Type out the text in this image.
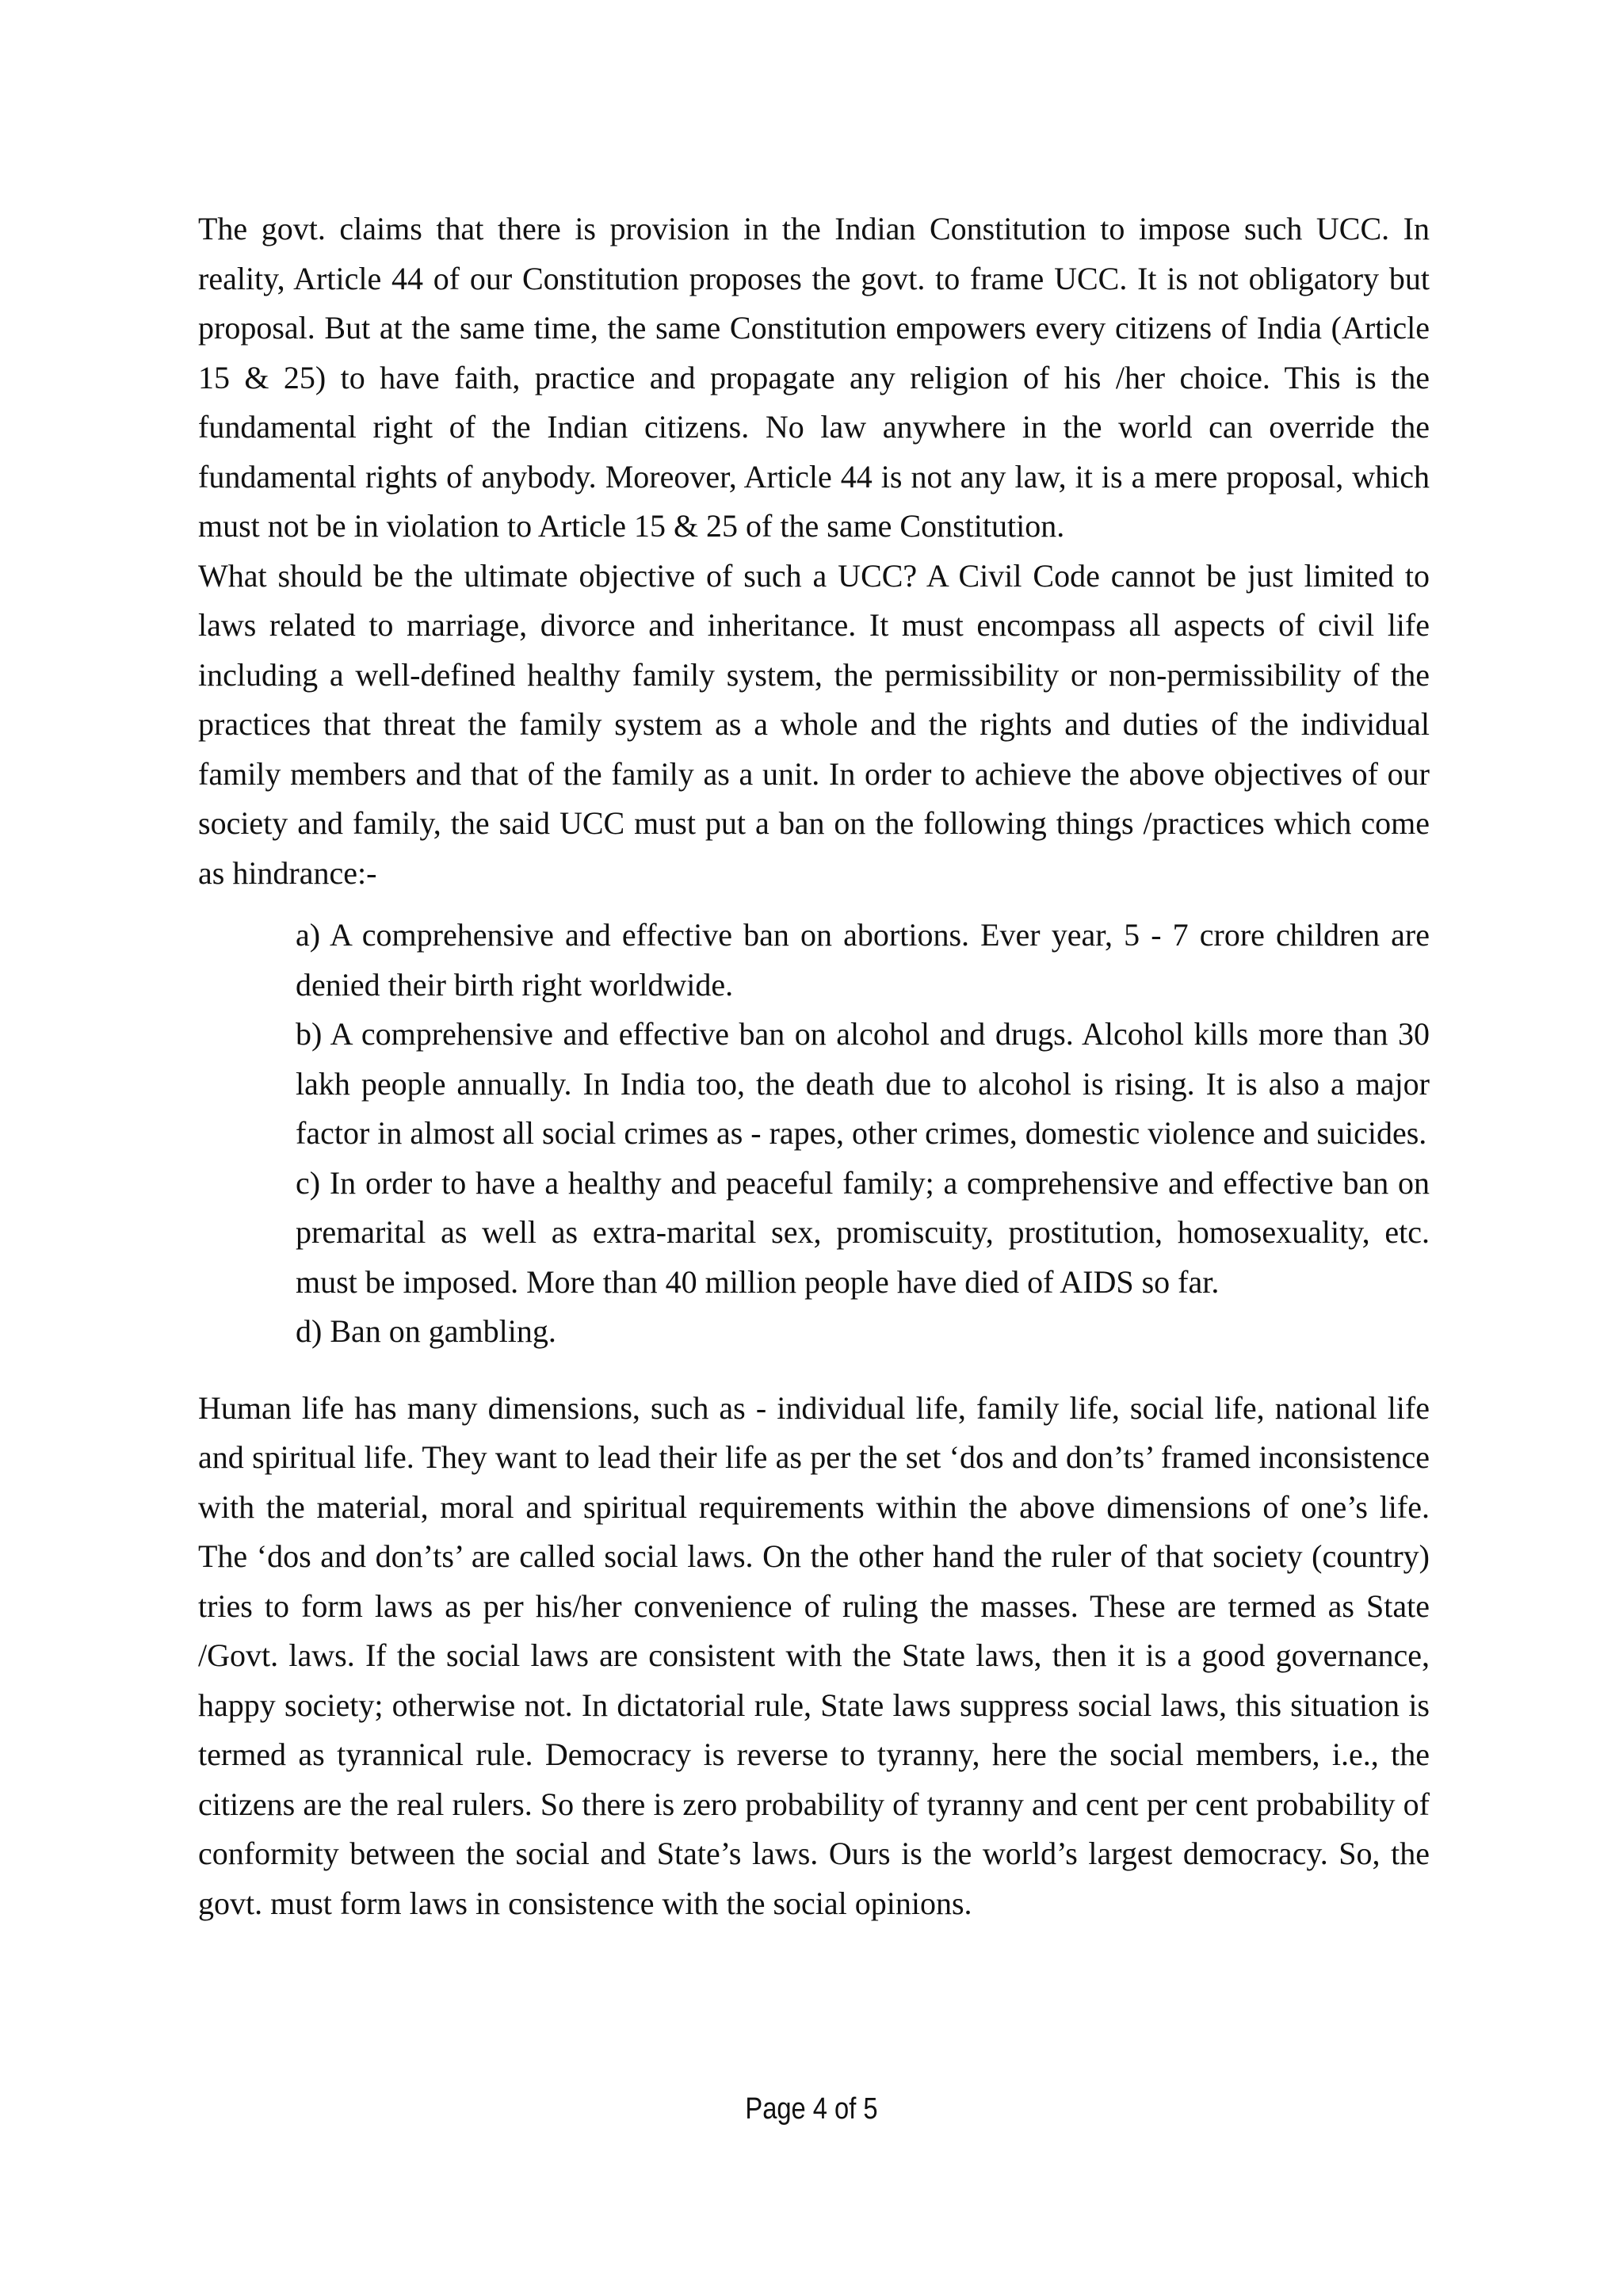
The govt. claims that there is provision in the Indian Constitution to impose such UCC. In reality, Article 44 of our Constitution proposes the govt. to frame UCC. It is not obligatory but proposal. But at the same time, the same Constitution empowers every citizens of India (Article 15 & 25) to have faith, practice and propagate any religion of his /her choice. This is the fundamental right of the Indian citizens. No law anywhere in the world can override the fundamental rights of anybody. Moreover, Article 44 is not any law, it is a mere proposal, which must not be in violation to Article 15 & 25 of the same Constitution.

What should be the ultimate objective of such a UCC? A Civil Code cannot be just limited to laws related to marriage, divorce and inheritance. It must encompass all aspects of civil life including a well-defined healthy family system, the permissibility or non-permissibility of the practices that threat the family system as a whole and the rights and duties of the individual family members and that of the family as a unit. In order to achieve the above objectives of our society and family, the said UCC must put a ban on the following things /practices which come as hindrance:-

a) A comprehensive and effective ban on abortions. Ever year, 5 - 7 crore children are denied their birth right worldwide.

b) A comprehensive and effective ban on alcohol and drugs. Alcohol kills more than 30 lakh people annually. In India too, the death due to alcohol is rising. It is also a major factor in almost all social crimes as - rapes, other crimes, domestic violence and suicides.

c) In order to have a healthy and peaceful family; a comprehensive and effective ban on premarital as well as extra-marital sex, promiscuity, prostitution, homosexuality, etc. must be imposed. More than 40 million people have died of AIDS so far.

d) Ban on gambling.

Human life has many dimensions, such as - individual life, family life, social life, national life and spiritual life. They want to lead their life as per the set ‘dos and don’ts’ framed inconsistence with the material, moral and spiritual requirements within the above dimensions of one’s life. The ‘dos and don’ts’ are called social laws. On the other hand the ruler of that society (country) tries to form laws as per his/her convenience of ruling the masses. These are termed as State /Govt. laws. If the social laws are consistent with the State laws, then it is a good governance, happy society; otherwise not. In dictatorial rule, State laws suppress social laws, this situation is termed as tyrannical rule. Democracy is reverse to tyranny, here the social members, i.e., the citizens are the real rulers. So there is zero probability of tyranny and cent per cent probability of conformity between the social and State’s laws. Ours is the world’s largest democracy. So, the govt. must form laws in consistence with the social opinions.

Page 4 of 5
